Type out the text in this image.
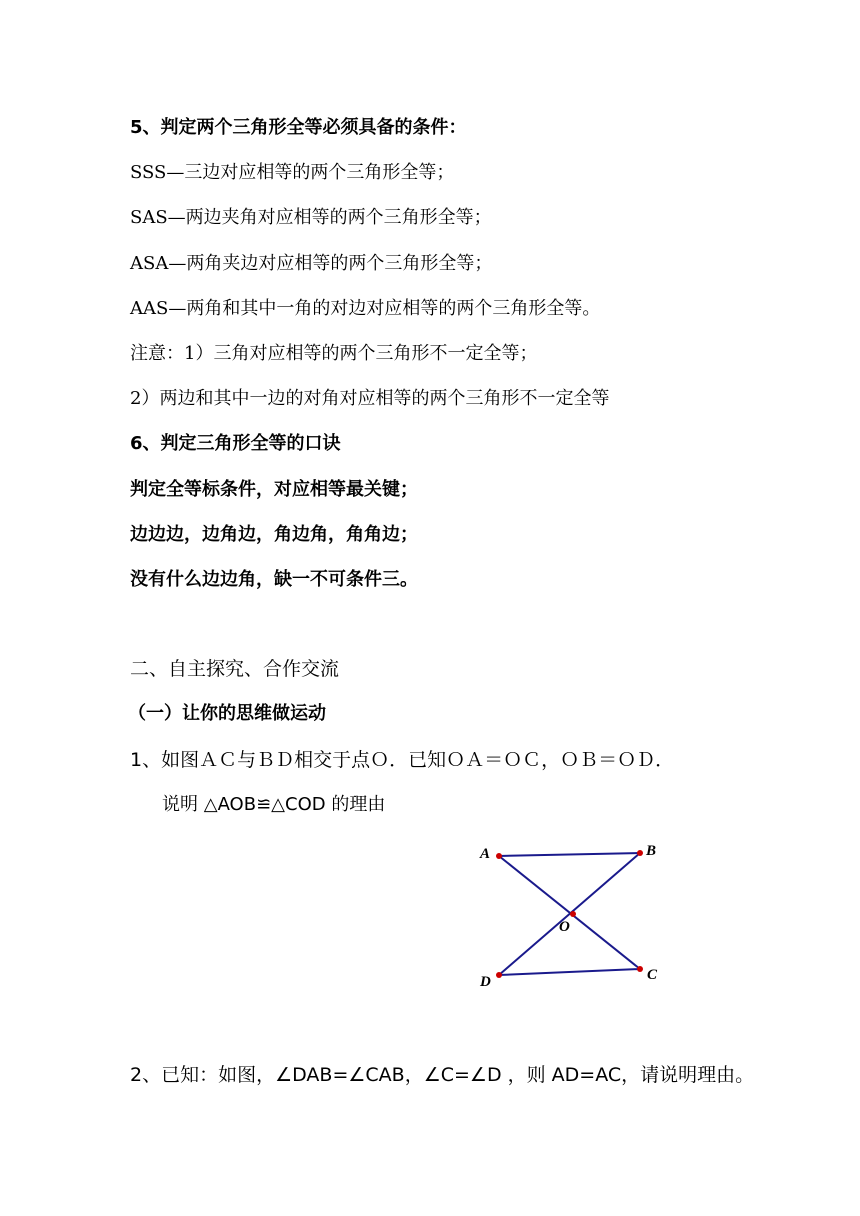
5、判定两个三角形全等必须具备的条件：
SSS—三边对应相等的两个三角形全等；
SAS—两边夹角对应相等的两个三角形全等；
ASA—两角夹边对应相等的两个三角形全等；
AAS—两角和其中一角的对边对应相等的两个三角形全等。
注意：1）三角对应相等的两个三角形不一定全等；
2）两边和其中一边的对角对应相等的两个三角形不一定全等
6、判定三角形全等的口诀
判定全等标条件，对应相等最关键；
边边边，边角边，角边角，角角边；
没有什么边边角，缺一不可条件三。
二、自主探究、合作交流
（一）让你的思维做运动
1、如图ＡＣ与ＢＤ相交于点Ｏ．已知ＯＡ＝ＯＣ，ＯＢ＝ＯＤ．
说明 △AOB≌△COD 的理由
A	B
O
C
D
2、已知：如图，∠DAB=∠CAB，∠C=∠D ，则 AD=AC，请说明理由。
